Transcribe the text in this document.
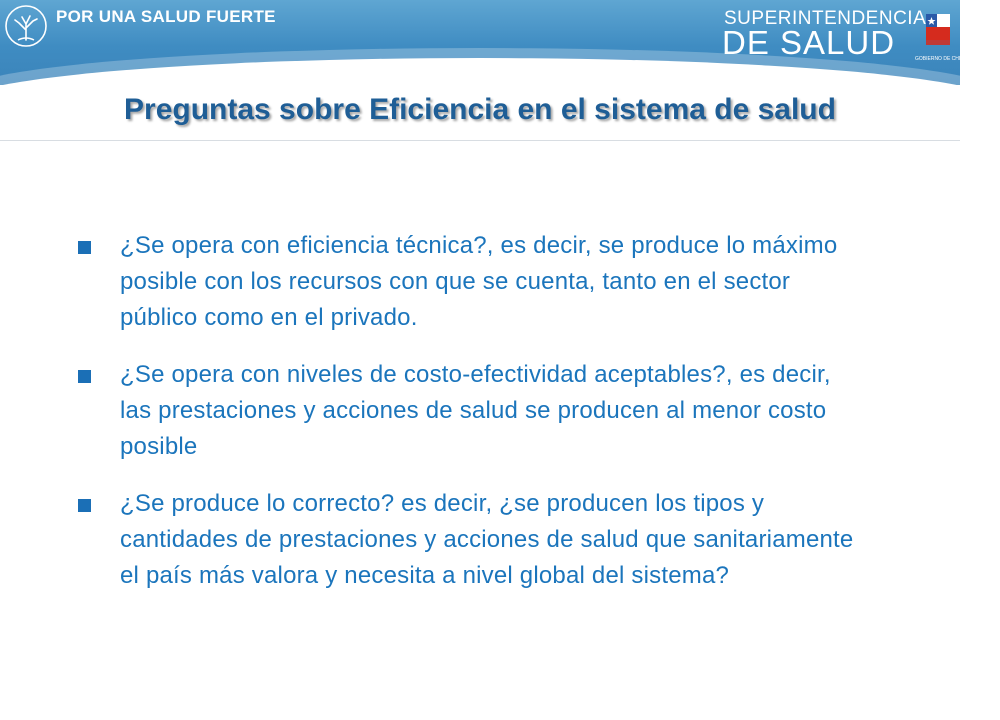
POR UNA SALUD FUERTE	SUPERINTENDENCIA
DE SALUD	GOBIERNO DE CHILE
Preguntas sobre Eficiencia en el sistema de salud
¿Se opera con eficiencia técnica?, es decir, se produce lo máximo posible con los recursos con que se cuenta, tanto en el sector público como en el privado.
¿Se opera con niveles de costo-efectividad aceptables?, es decir, las prestaciones y acciones de salud se producen al menor costo posible
¿Se produce lo correcto? es decir, ¿se producen los tipos y cantidades de prestaciones y acciones de salud que sanitariamente el país más valora y necesita a nivel global del sistema?
